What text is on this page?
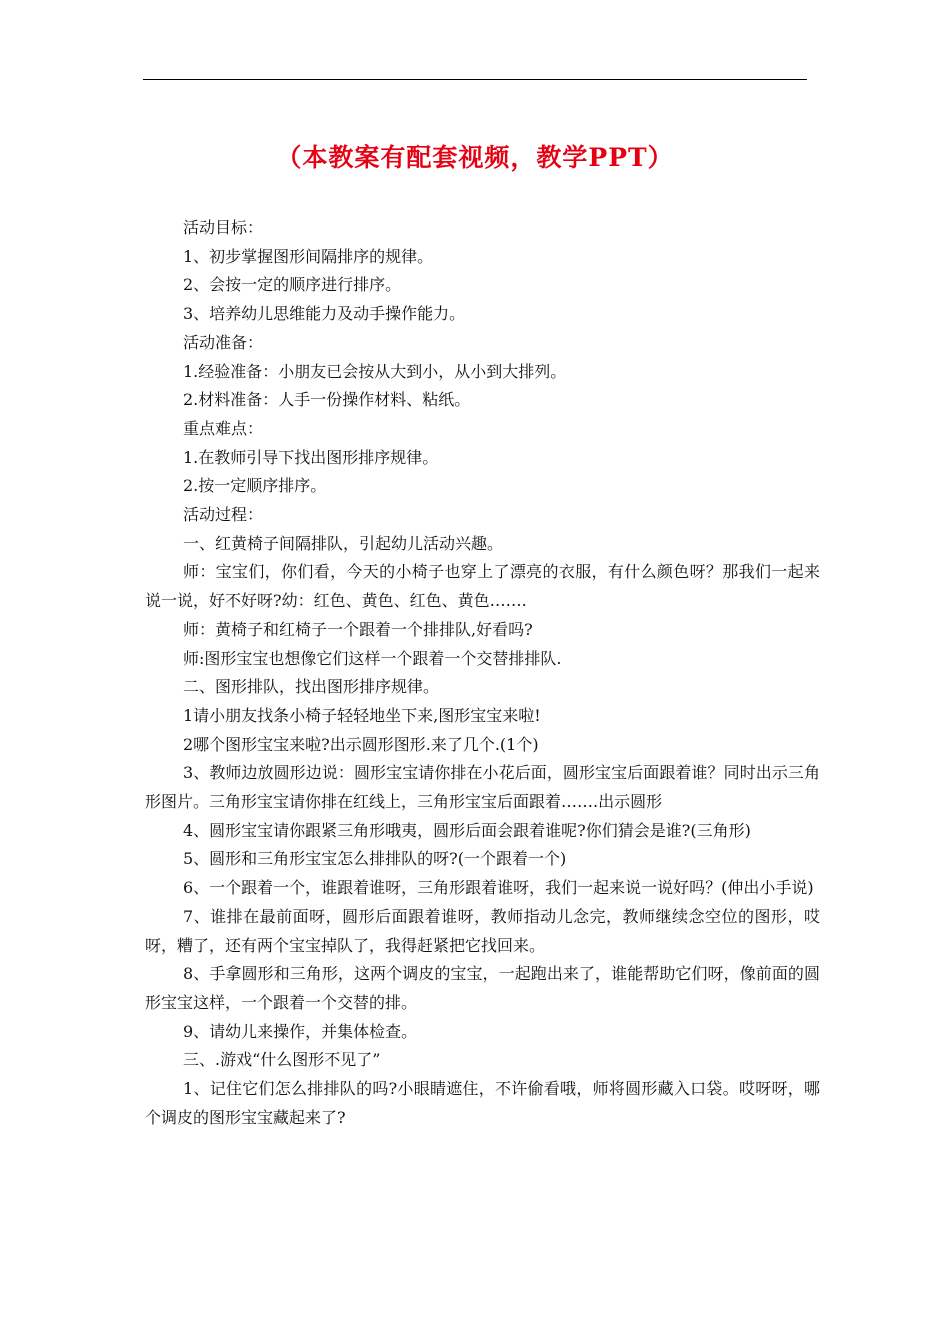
（本教案有配套视频，教学PPT）

活动目标：

1、初步掌握图形间隔排序的规律。

2、会按一定的顺序进行排序。

3、培养幼儿思维能力及动手操作能力。

活动准备：

1.经验准备：小朋友已会按从大到小，从小到大排列。

2.材料准备：人手一份操作材料、粘纸。

重点难点：

1.在教师引导下找出图形排序规律。

2.按一定顺序排序。

活动过程：

一、红黄椅子间隔排队，引起幼儿活动兴趣。

师：宝宝们，你们看，今天的小椅子也穿上了漂亮的衣服，有什么颜色呀？那我们一起来说一说，好不好呀?幼：红色、黄色、红色、黄色…….

师：黄椅子和红椅子一个跟着一个排排队,好看吗?

师:图形宝宝也想像它们这样一个跟着一个交替排排队.

二、图形排队，找出图形排序规律。

1请小朋友找条小椅子轻轻地坐下来,图形宝宝来啦!

2哪个图形宝宝来啦?出示圆形图形.来了几个.(1个)

3、教师边放圆形边说：圆形宝宝请你排在小花后面，圆形宝宝后面跟着谁？同时出示三角形图片。三角形宝宝请你排在红线上，三角形宝宝后面跟着…….出示圆形

4、圆形宝宝请你跟紧三角形哦夷，圆形后面会跟着谁呢?你们猜会是谁?(三角形)

5、圆形和三角形宝宝怎么排排队的呀?(一个跟着一个)

6、一个跟着一个，谁跟着谁呀，三角形跟着谁呀，我们一起来说一说好吗？(伸出小手说)

7、谁排在最前面呀，圆形后面跟着谁呀，教师指动儿念完，教师继续念空位的图形，哎呀，糟了，还有两个宝宝掉队了，我得赶紧把它找回来。

8、手拿圆形和三角形，这两个调皮的宝宝，一起跑出来了，谁能帮助它们呀，像前面的圆形宝宝这样，一个跟着一个交替的排。

9、请幼儿来操作，并集体检查。

三、.游戏“什么图形不见了”

1、记住它们怎么排排队的吗?小眼睛遮住，不许偷看哦，师将圆形藏入口袋。哎呀呀，哪个调皮的图形宝宝藏起来了?
